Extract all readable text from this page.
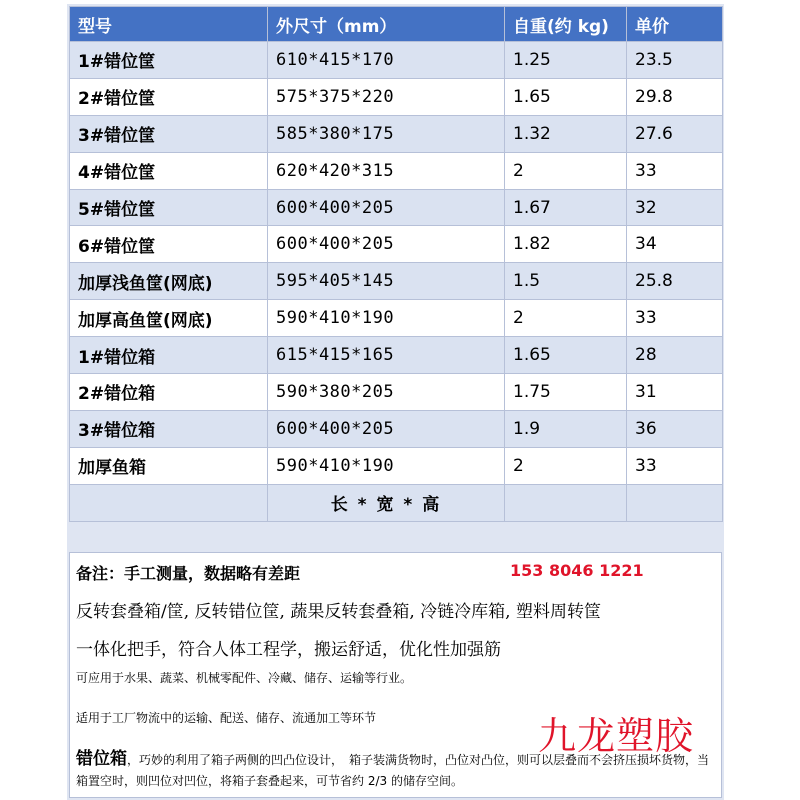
型号	外尺寸（mm）	自重(约 kg)	单价
1#错位筐	610*415*170	1.25	23.5
2#错位筐	575*375*220	1.65	29.8
3#错位筐	585*380*175	1.32	27.6
4#错位筐	620*420*315	2	33
5#错位筐	600*400*205	1.67	32
6#错位筐	600*400*205	1.82	34
加厚浅鱼筐(网底)	595*405*145	1.5	25.8
加厚高鱼筐(网底)	590*410*190	2	33
1#错位箱	615*415*165	1.65	28
2#错位箱	590*380*205	1.75	31
3#错位箱	600*400*205	1.9	36
加厚鱼箱	590*410*190	2	33
	长 * 宽 * 高		
备注：手工测量，数据略有差距	153 8046 1221
反转套叠箱/筐, 反转错位筐, 蔬果反转套叠箱, 冷链冷库箱, 塑料周转筐
一体化把手，符合人体工程学，搬运舒适，优化性加强筋
可应用于水果、蔬菜、机械零配件、冷藏、储存、运输等行业。
适用于工厂物流中的运输、配送、储存、流通加工等环节	九龙塑胶
错位箱，巧妙的利用了箱子两侧的凹凸位设计，　箱子装满货物时，凸位对凸位，则可以层叠而不会挤压损坏货物，当箱置空时，则凹位对凹位，将箱子套叠起来，可节省约 2/3 的储存空间。
